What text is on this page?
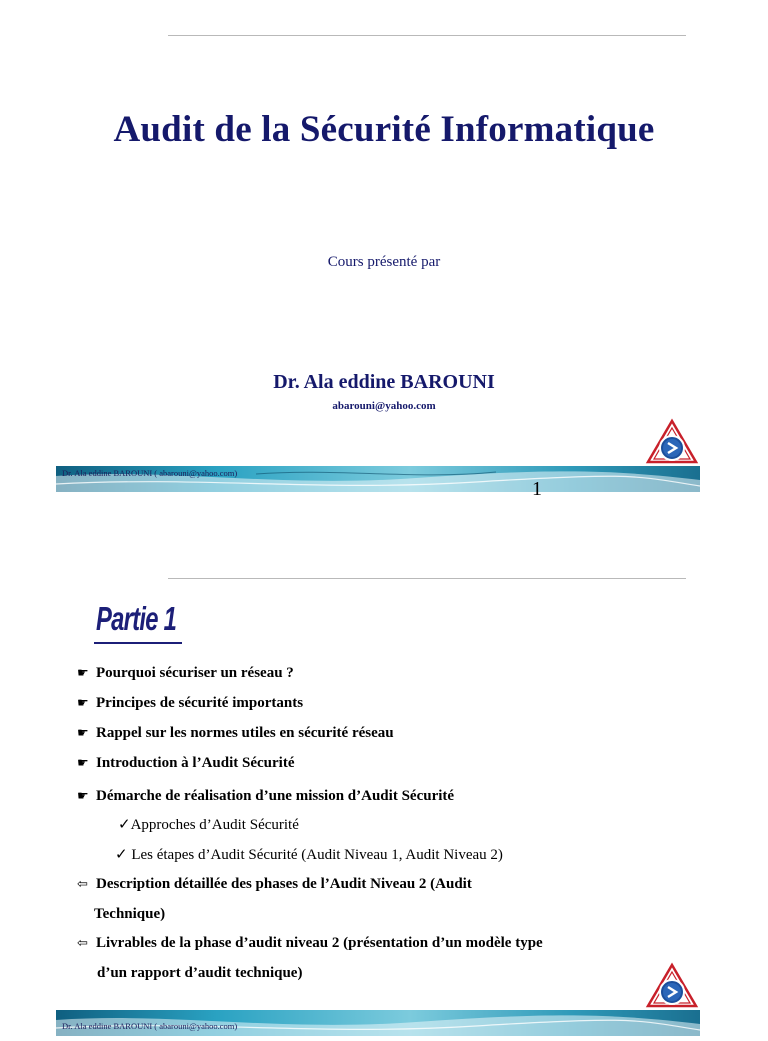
Audit de la Sécurité Informatique
Cours présenté par
Dr. Ala eddine BAROUNI
abarouni@yahoo.com
Dr. Ala eddine BAROUNI ( abarouni@yahoo.com)
1
Partie 1
☛ Pourquoi sécuriser un réseau ?
☛ Principes de sécurité importants
☛ Rappel sur les normes utiles en sécurité réseau
☛ Introduction à l’Audit Sécurité
☛ Démarche de réalisation d’une mission d’Audit Sécurité
✓Approches d’Audit Sécurité
✓ Les étapes d’Audit Sécurité (Audit Niveau 1, Audit Niveau 2)
⇦ Description détaillée des phases de l’Audit Niveau 2 (Audit
Technique)
⇦ Livrables de la phase d’audit niveau 2 (présentation d’un modèle type
d’un rapport d’audit technique)
Dr. Ala eddine BAROUNI ( abarouni@yahoo.com)
